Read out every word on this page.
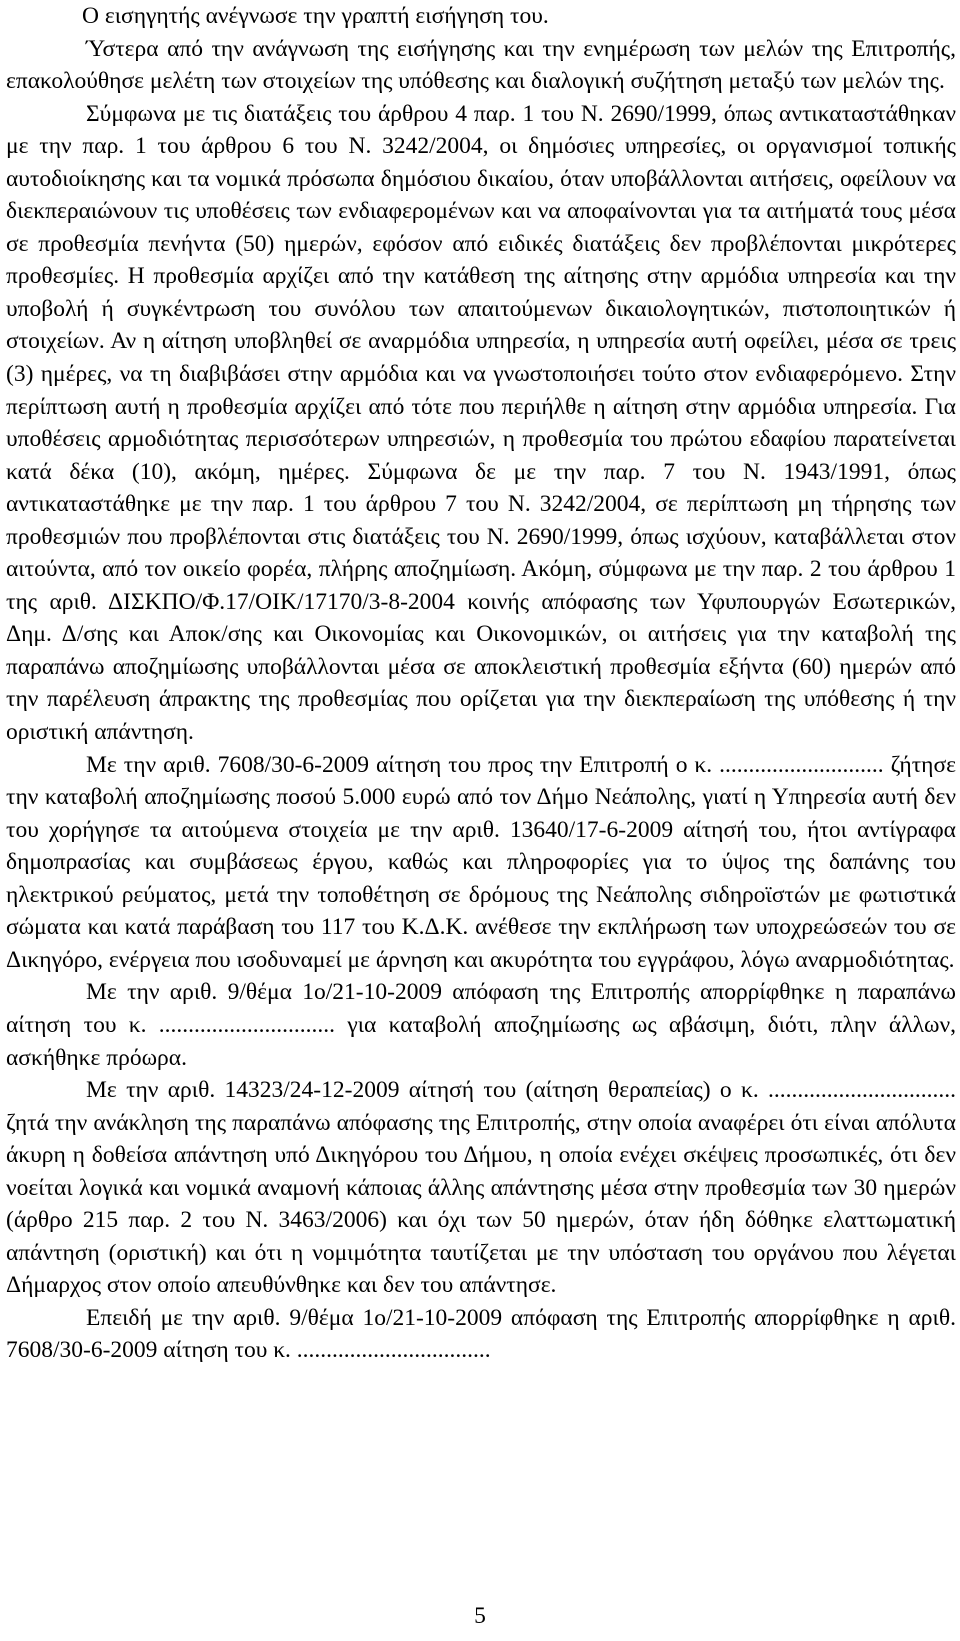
Ο εισηγητής ανέγνωσε την γραπτή εισήγηση του.

Ύστερα από την ανάγνωση της εισήγησης και την ενημέρωση των μελών της Επιτροπής, επακολούθησε μελέτη των στοιχείων της υπόθεσης και διαλογική συζήτηση μεταξύ των μελών της.

Σύμφωνα με τις διατάξεις του άρθρου 4 παρ. 1 του Ν. 2690/1999, όπως αντικαταστάθηκαν με την παρ. 1 του άρθρου 6 του Ν. 3242/2004, οι δημόσιες υπηρεσίες, οι οργανισμοί τοπικής αυτοδιοίκησης και τα νομικά πρόσωπα δημόσιου δικαίου, όταν υποβάλλονται αιτήσεις, οφείλουν να διεκπεραιώνουν τις υποθέσεις των ενδιαφερομένων και να αποφαίνονται για τα αιτήματά τους μέσα σε προθεσμία πενήντα (50) ημερών, εφόσον από ειδικές διατάξεις δεν προβλέπονται μικρότερες προθεσμίες. Η προθεσμία αρχίζει από την κατάθεση της αίτησης στην αρμόδια υπηρεσία και την υποβολή ή συγκέντρωση του συνόλου των απαιτούμενων δικαιολογητικών, πιστοποιητικών ή στοιχείων. Αν η αίτηση υποβληθεί σε αναρμόδια υπηρεσία, η υπηρεσία αυτή οφείλει, μέσα σε τρεις (3) ημέρες, να τη διαβιβάσει στην αρμόδια και να γνωστοποιήσει τούτο στον ενδιαφερόμενο. Στην περίπτωση αυτή η προθεσμία αρχίζει από τότε που περιήλθε η αίτηση στην αρμόδια υπηρεσία. Για υποθέσεις αρμοδιότητας περισσότερων υπηρεσιών, η προθεσμία του πρώτου εδαφίου παρατείνεται κατά δέκα (10), ακόμη, ημέρες. Σύμφωνα δε με την παρ. 7 του Ν. 1943/1991, όπως αντικαταστάθηκε με την παρ. 1 του άρθρου 7 του Ν. 3242/2004, σε περίπτωση μη τήρησης των προθεσμιών που προβλέπονται στις διατάξεις του Ν. 2690/1999, όπως ισχύουν, καταβάλλεται στον αιτούντα, από τον οικείο φορέα, πλήρης αποζημίωση. Ακόμη, σύμφωνα με την παρ. 2 του άρθρου 1 της αριθ. ΔΙΣΚΠΟ/Φ.17/ΟΙΚ/17170/3-8-2004 κοινής απόφασης των Υφυπουργών Εσωτερικών, Δημ. Δ/σης και Αποκ/σης και Οικονομίας και Οικονομικών, οι αιτήσεις για την καταβολή της παραπάνω αποζημίωσης υποβάλλονται μέσα σε αποκλειστική προθεσμία εξήντα (60) ημερών από την παρέλευση άπρακτης της προθεσμίας που ορίζεται για την διεκπεραίωση της υπόθεσης ή την οριστική απάντηση.

Με την αριθ. 7608/30-6-2009 αίτηση του προς την Επιτροπή ο κ. ............................ ζήτησε την καταβολή αποζημίωσης ποσού 5.000 ευρώ από τον Δήμο Νεάπολης, γιατί η Υπηρεσία αυτή δεν του χορήγησε τα αιτούμενα στοιχεία με την αριθ. 13640/17-6-2009 αίτησή του, ήτοι αντίγραφα δημοπρασίας και συμβάσεως έργου, καθώς και πληροφορίες για το ύψος της δαπάνης του ηλεκτρικού ρεύματος, μετά την τοποθέτηση σε δρόμους της Νεάπολης σιδηροϊστών με φωτιστικά σώματα και κατά παράβαση του 117 του Κ.Δ.Κ. ανέθεσε την εκπλήρωση των υποχρεώσεών του σε Δικηγόρο, ενέργεια που ισοδυναμεί με άρνηση και ακυρότητα του εγγράφου, λόγω αναρμοδιότητας.

Με την αριθ. 9/θέμα 1ο/21-10-2009 απόφαση της Επιτροπής απορρίφθηκε η παραπάνω αίτηση του κ. .............................. για καταβολή αποζημίωσης ως αβάσιμη, διότι, πλην άλλων, ασκήθηκε πρόωρα.

Με την αριθ. 14323/24-12-2009 αίτησή του (αίτηση θεραπείας) ο κ. ................................ ζητά την ανάκληση της παραπάνω απόφασης της Επιτροπής, στην οποία αναφέρει ότι είναι απόλυτα άκυρη η δοθείσα απάντηση υπό Δικηγόρου του Δήμου, η οποία ενέχει σκέψεις προσωπικές, ότι δεν νοείται λογικά και νομικά αναμονή κάποιας άλλης απάντησης μέσα στην προθεσμία των 30 ημερών (άρθρο 215 παρ. 2 του Ν. 3463/2006) και όχι των 50 ημερών, όταν ήδη δόθηκε ελαττωματική απάντηση (οριστική) και ότι η νομιμότητα ταυτίζεται με την υπόσταση του οργάνου που λέγεται Δήμαρχος στον οποίο απευθύνθηκε και δεν του απάντησε.

Επειδή με την αριθ. 9/θέμα 1ο/21-10-2009 απόφαση της Επιτροπής απορρίφθηκε η αριθ. 7608/30-6-2009 αίτηση του κ. .................................

5
